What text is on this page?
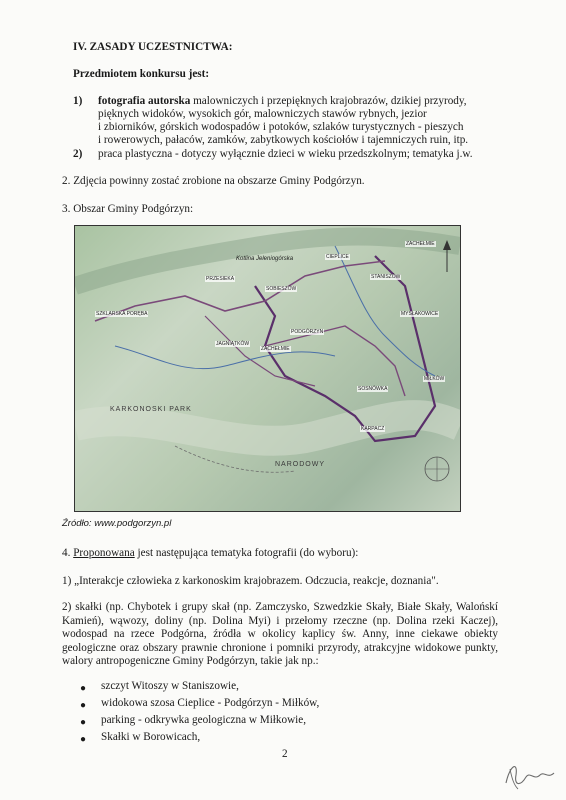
IV. ZASADY UCZESTNICTWA:
Przedmiotem konkursu jest:
1) fotografia autorska malowniczych i przepięknych krajobrazów, dzikiej przyrody,
pięknych widoków, wysokich gór, malowniczych stawów rybnych, jezior
i zbiorników, górskich wodospadów i potoków, szlaków turystycznych - pieszych
i rowerowych, pałaców, zamków, zabytkowych kościołów i tajemniczych ruin, itp.
2) praca plastyczna - dotyczy wyłącznie dzieci w wieku przedszkolnym; tematyka j.w.
2. Zdjęcia powinny zostać zrobione na obszarze Gminy Podgórzyn.
3. Obszar Gminy Podgórzyn:
PRZESIEKA
SOBIESZÓW
PODGÓRZYN
ZACHEŁMIE
STANISZÓW
MIŁKÓW
MYSŁAKOWICE
KARPACZ
SOSNÓWKA
ZACHEŁMIE
SZKLARSKA PORĘBA
JAGNIĄTKÓW
CIEPLICE
Kotlina Jeleniogórska
KARKONOSKI PARK
NARODOWY
Źródło: www.podgorzyn.pl
4. Proponowana jest następująca tematyka fotografii (do wyboru):
1) „Interakcje człowieka z karkonoskim krajobrazem. Odczucia, reakcje, doznania".
2) skałki (np. Chybotek i grupy skał (np. Zamczysko, Szwedzkie Skały, Białe Skały, Walońskí Kamień), wąwozy, doliny (np. Dolina Myi) i przełomy rzeczne (np. Dolina rzeki Kaczej), wodospad na rzece Podgórna, źródła w okolicy kaplicy św. Anny, inne ciekawe obiekty geologiczne oraz obszary prawnie chronione i pomniki przyrody, atrakcyjne widokowe punkty, walory antropogeniczne Gminy Podgórzyn, takie jak np.:
● szczyt Witoszy w Staniszowie,
● widokowa szosa Cieplice - Podgórzyn - Miłków,
● parking - odkrywka geologiczna w Miłkowie,
● Skałki w Borowicach,
2
